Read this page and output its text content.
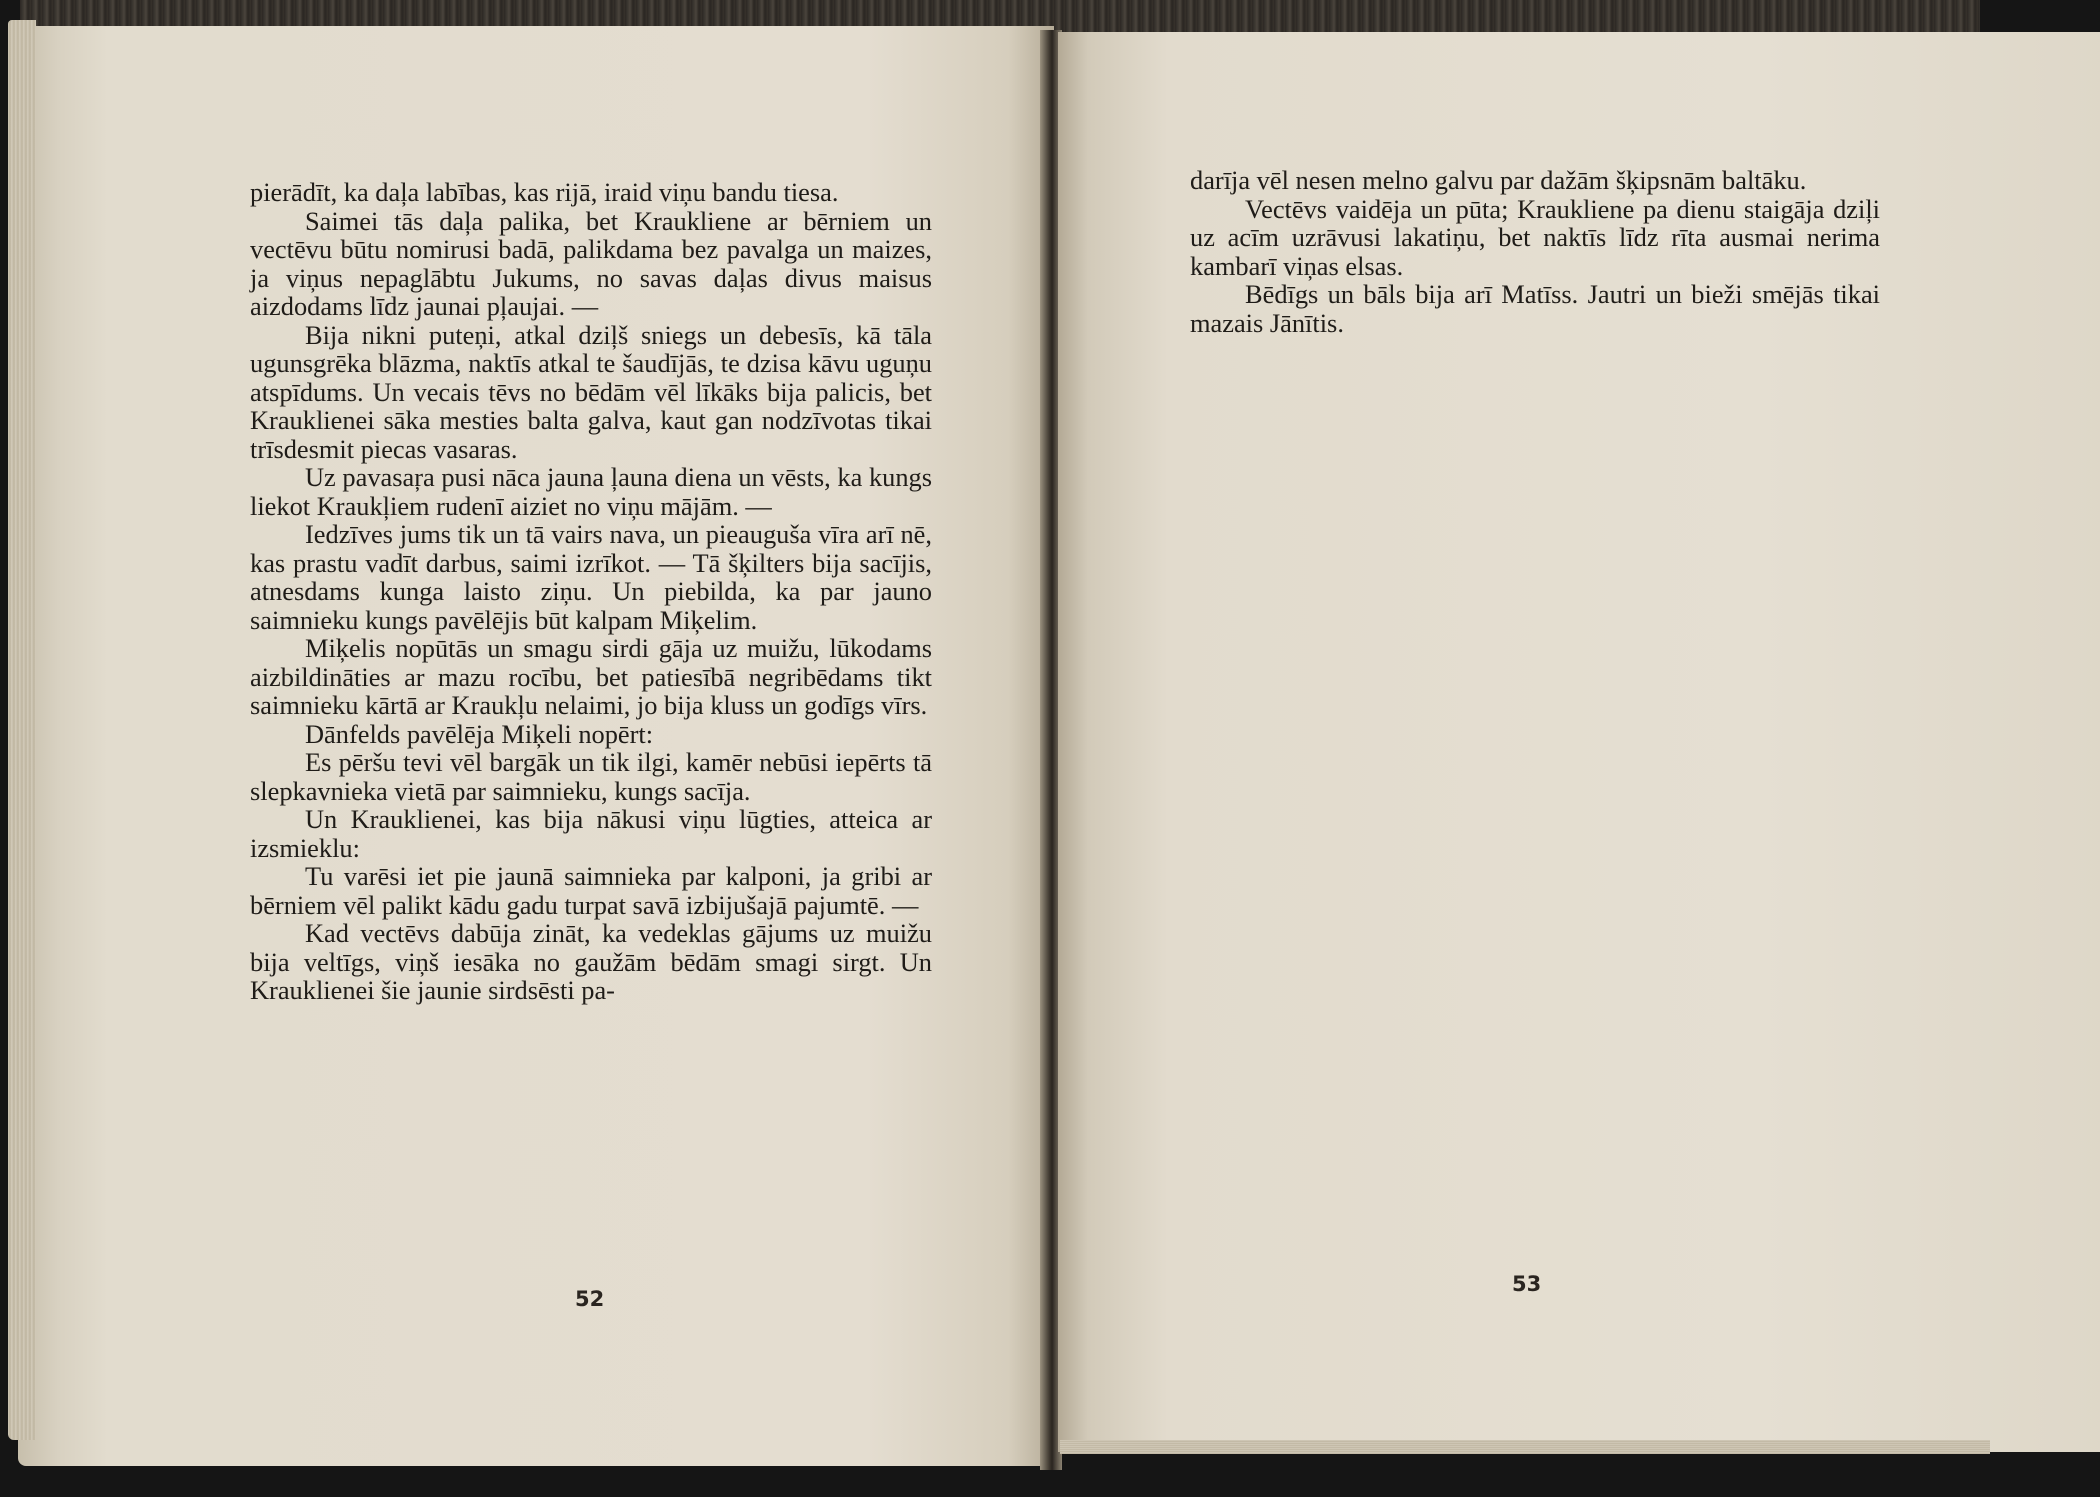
pierādīt, ka daļa labības, kas rijā, iraid viņu bandu tiesa.

Saimei tās daļa palika, bet Kraukliene ar bērniem un vectēvu būtu nomirusi badā, palikdama bez pavalga un maizes, ja viņus nepaglābtu Jukums, no savas daļas divus maisus aizdodams līdz jaunai pļaujai. —

Bija nikni puteņi, atkal dziļš sniegs un debesīs, kā tāla ugunsgrēka blāzma, naktīs atkal te šaudījās, te dzisa kāvu uguņu atspīdums. Un vecais tēvs no bēdām vēl līkāks bija palicis, bet Krauklienei sāka mesties balta galva, kaut gan nodzīvotas tikai trīsdesmit piecas vasaras.

Uz pavasaŗa pusi nāca jauna ļauna diena un vēsts, ka kungs liekot Kraukļiem rudenī aiziet no viņu mājām. —

Iedzīves jums tik un tā vairs nava, un pieaugušа vīra arī nē, kas prastu vadīt darbus, saimi izrīkot. — Tā šķilters bija sacījis, atnesdams kunga laisto ziņu. Un piebilda, ka par jauno saimnieku kungs pavēlējis būt kalpam Miķelim.

Miķelis nopūtās un smagu sirdi gāja uz muižu, lūkodams aizbildināties ar mazu rocību, bet patiesībā negribēdams tikt saimnieku kārtā ar Kraukļu nelaimi, jo bija kluss un godīgs vīrs.

Dānfelds pavēlēja Miķeli nopērt:

Es pēršu tevi vēl bargāk un tik ilgi, kamēr nebūsi iepērts tā slepkavnieka vietā par saimnieku, kungs sacīja.

Un Krauklienei, kas bija nākusi viņu lūgties, atteica ar izsmieklu:

Tu varēsi iet pie jaunā saimnieka par kalponi, ja gribi ar bērniem vēl palikt kādu gadu turpat savā izbijušajā pajumtē. —

Kad vectēvs dabūja zināt, ka vedeklas gājums uz muižu bija veltīgs, viņš iesāka no gaužām bēdām smagi sirgt. Un Krauklienei šie jaunie sirdsēsti pa-

52

darīja vēl nesen melno galvu par dažām šķipsnām baltāku.

Vectēvs vaidēja un pūta; Kraukliene pa dienu staigāja dziļi uz acīm uzrāvusi lakatiņu, bet naktīs līdz rīta ausmai nerima kambarī viņas elsas.

Bēdīgs un bāls bija arī Matīss. Jautri un bieži smējās tikai mazais Jānītis.

53
